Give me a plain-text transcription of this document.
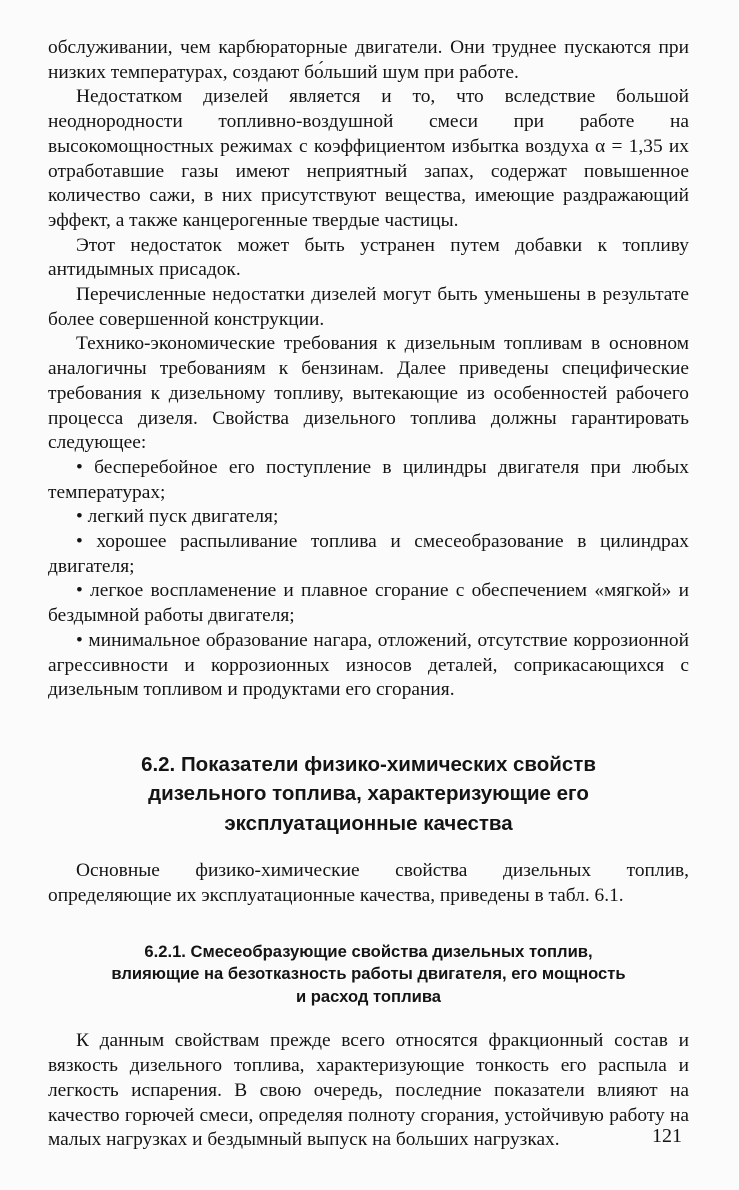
обслуживании, чем карбюраторные двигатели. Они труднее пускаются при низких температурах, создают бо́льший шум при работе.

Недостатком дизелей является и то, что вследствие большой неоднородности топливно-воздушной смеси при работе на высокомощностных режимах с коэффициентом избытка воздуха α = 1,35 их отработавшие газы имеют неприятный запах, содержат повышенное количество сажи, в них присутствуют вещества, имеющие раздражающий эффект, а также канцерогенные твердые частицы.

Этот недостаток может быть устранен путем добавки к топливу антидымных присадок.

Перечисленные недостатки дизелей могут быть уменьшены в результате более совершенной конструкции.

Технико-экономические требования к дизельным топливам в основном аналогичны требованиям к бензинам. Далее приведены специфические требования к дизельному топливу, вытекающие из особенностей рабочего процесса дизеля. Свойства дизельного топлива должны гарантировать следующее:

• бесперебойное его поступление в цилиндры двигателя при любых температурах;

• легкий пуск двигателя;

• хорошее распыливание топлива и смесеобразование в цилиндрах двигателя;

• легкое воспламенение и плавное сгорание с обеспечением «мягкой» и бездымной работы двигателя;

• минимальное образование нагара, отложений, отсутствие коррозионной агрессивности и коррозионных износов деталей, соприкасающихся с дизельным топливом и продуктами его сгорания.

6.2. Показатели физико-химических свойств
дизельного топлива, характеризующие его
эксплуатационные качества

Основные физико-химические свойства дизельных топлив, определяющие их эксплуатационные качества, приведены в табл. 6.1.

6.2.1. Смесеобразующие свойства дизельных топлив,
влияющие на безотказность работы двигателя, его мощность
и расход топлива

К данным свойствам прежде всего относятся фракционный состав и вязкость дизельного топлива, характеризующие тонкость его распыла и легкость испарения. В свою очередь, последние показатели влияют на качество горючей смеси, определяя полноту сгорания, устойчивую работу на малых нагрузках и бездымный выпуск на больших нагрузках.	121
